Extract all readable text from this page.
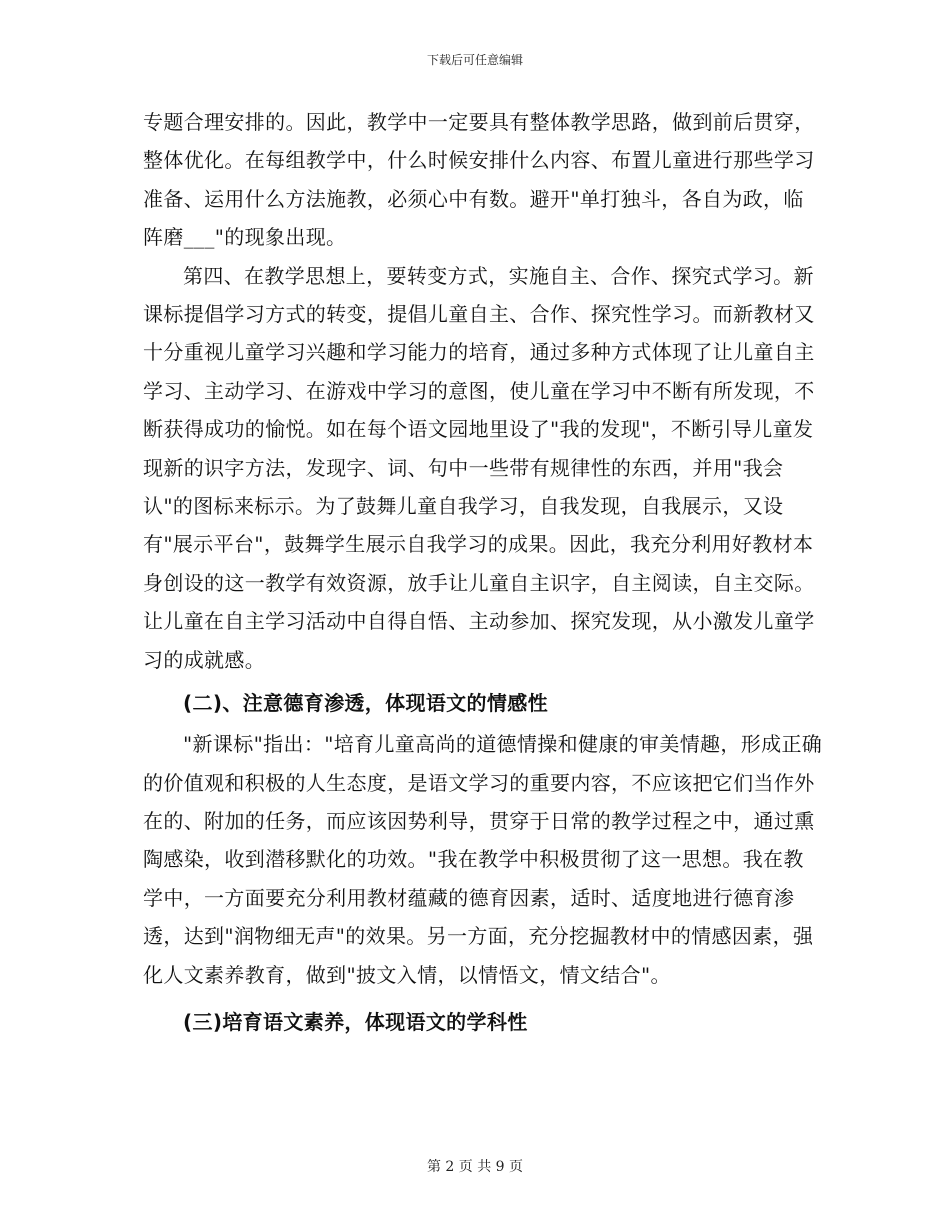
下载后可任意编辑

专题合理安排的。因此，教学中一定要具有整体教学思路，做到前后贯穿，整体优化。在每组教学中，什么时候安排什么内容、布置儿童进行那些学习准备、运用什么方法施教，必须心中有数。避开"单打独斗，各自为政，临阵磨___"的现象出现。

第四、在教学思想上，要转变方式，实施自主、合作、探究式学习。新课标提倡学习方式的转变，提倡儿童自主、合作、探究性学习。而新教材又十分重视儿童学习兴趣和学习能力的培育，通过多种方式体现了让儿童自主学习、主动学习、在游戏中学习的意图，使儿童在学习中不断有所发现，不断获得成功的愉悦。如在每个语文园地里设了"我的发现"，不断引导儿童发现新的识字方法，发现字、词、句中一些带有规律性的东西，并用"我会认"的图标来标示。为了鼓舞儿童自我学习，自我发现，自我展示，又设有"展示平台"，鼓舞学生展示自我学习的成果。因此，我充分利用好教材本身创设的这一教学有效资源，放手让儿童自主识字，自主阅读，自主交际。让儿童在自主学习活动中自得自悟、主动参加、探究发现，从小激发儿童学习的成就感。

(二)、注意德育渗透，体现语文的情感性

"新课标"指出："培育儿童高尚的道德情操和健康的审美情趣，形成正确的价值观和积极的人生态度，是语文学习的重要内容，不应该把它们当作外在的、附加的任务，而应该因势利导，贯穿于日常的教学过程之中，通过熏陶感染，收到潜移默化的功效。"我在教学中积极贯彻了这一思想。我在教学中，一方面要充分利用教材蕴藏的德育因素，适时、适度地进行德育渗透，达到"润物细无声"的效果。另一方面，充分挖掘教材中的情感因素，强化人文素养教育，做到"披文入情，以情悟文，情文结合"。

(三)培育语文素养，体现语文的学科性

第 2 页 共 9 页
